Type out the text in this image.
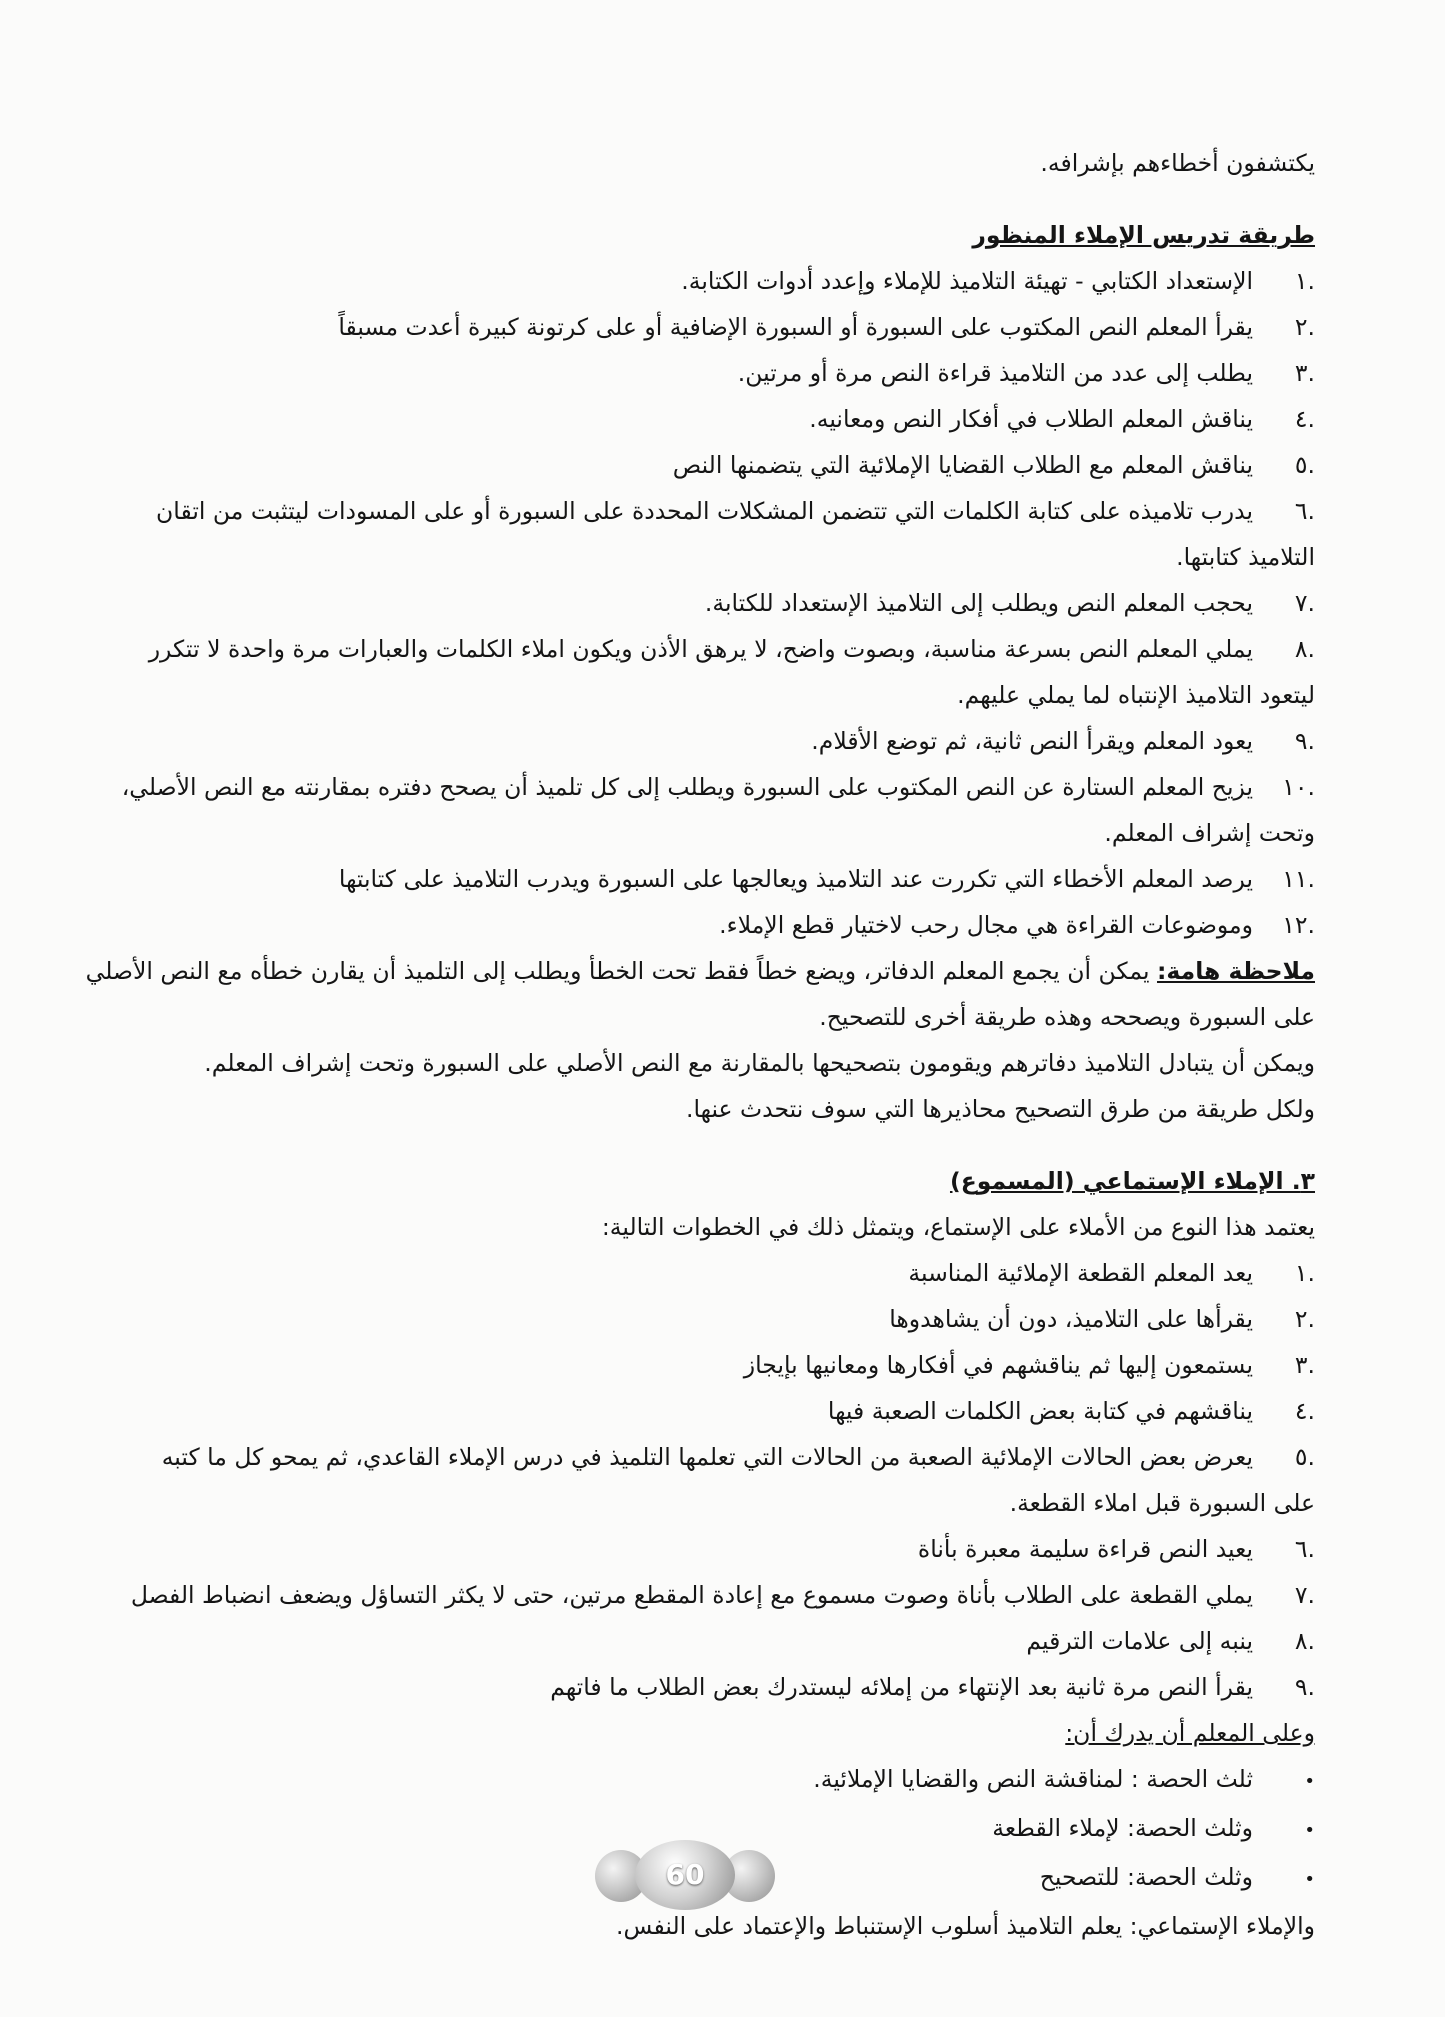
يكتشفون أخطاءهم بإشرافه.
طريقة تدريس الإملاء المنظور
.١
الإستعداد الكتابي - تهيئة التلاميذ للإملاء وإعدد أدوات الكتابة.
.٢
يقرأ المعلم النص المكتوب على السبورة أو السبورة الإضافية أو على كرتونة كبيرة أعدت مسبقاً
.٣
يطلب إلى عدد من التلاميذ قراءة النص مرة أو مرتين.
.٤
يناقش المعلم الطلاب في أفكار النص ومعانيه.
.٥
يناقش المعلم مع الطلاب القضايا الإملائية التي يتضمنها النص
.٦
يدرب تلاميذه على كتابة الكلمات التي تتضمن المشكلات المحددة على السبورة أو على المسودات ليتثبت من اتقان
التلاميذ كتابتها.
.٧
يحجب المعلم النص ويطلب إلى التلاميذ الإستعداد للكتابة.
.٨
يملي المعلم النص بسرعة مناسبة، وبصوت واضح، لا يرهق الأذن ويكون املاء الكلمات والعبارات مرة واحدة لا تتكرر
ليتعود التلاميذ الإنتباه لما يملي عليهم.
.٩
يعود المعلم ويقرأ النص ثانية، ثم توضع الأقلام.
.١٠
يزيح المعلم الستارة عن النص المكتوب على السبورة ويطلب إلى كل تلميذ أن يصحح دفتره بمقارنته مع النص الأصلي،
وتحت إشراف المعلم.
.١١
يرصد المعلم الأخطاء التي تكررت عند التلاميذ ويعالجها على السبورة ويدرب التلاميذ على كتابتها
.١٢
وموضوعات القراءة هي مجال رحب لاختيار قطع الإملاء.
ملاحظة هامة: يمكن أن يجمع المعلم الدفاتر، ويضع خطاً فقط تحت الخطأ ويطلب إلى التلميذ أن يقارن خطأه مع النص الأصلي
على السبورة ويصححه وهذه طريقة أخرى للتصحيح.
ويمكن أن يتبادل التلاميذ دفاترهم ويقومون بتصحيحها بالمقارنة مع النص الأصلي على السبورة وتحت إشراف المعلم.
ولكل طريقة من طرق التصحيح محاذيرها التي سوف نتحدث عنها.
٣. الإملاء الإستماعي (المسموع)
يعتمد هذا النوع من الأملاء على الإستماع، ويتمثل ذلك في الخطوات التالية:
.١
يعد المعلم القطعة الإملائية المناسبة
.٢
يقرأها على التلاميذ، دون أن يشاهدوها
.٣
يستمعون إليها ثم يناقشهم في أفكارها ومعانيها بإيجاز
.٤
يناقشهم في كتابة بعض الكلمات الصعبة فيها
.٥
يعرض بعض الحالات الإملائية الصعبة من الحالات التي تعلمها التلميذ في درس الإملاء القاعدي، ثم يمحو كل ما كتبه
على السبورة قبل املاء القطعة.
.٦
يعيد النص قراءة سليمة معبرة بأناة
.٧
يملي القطعة على الطلاب بأناة وصوت مسموع مع إعادة المقطع مرتين، حتى لا يكثر التساؤل ويضعف انضباط الفصل
.٨
ينبه إلى علامات الترقيم
.٩
يقرأ النص مرة ثانية بعد الإنتهاء من إملائه ليستدرك بعض الطلاب ما فاتهم
وعلى المعلم أن يدرك أن:
•
ثلث الحصة : لمناقشة النص والقضايا الإملائية.
•
وثلث الحصة: لإملاء القطعة
•
وثلث الحصة: للتصحيح
والإملاء الإستماعي: يعلم التلاميذ أسلوب الإستنباط والإعتماد على النفس.
60
